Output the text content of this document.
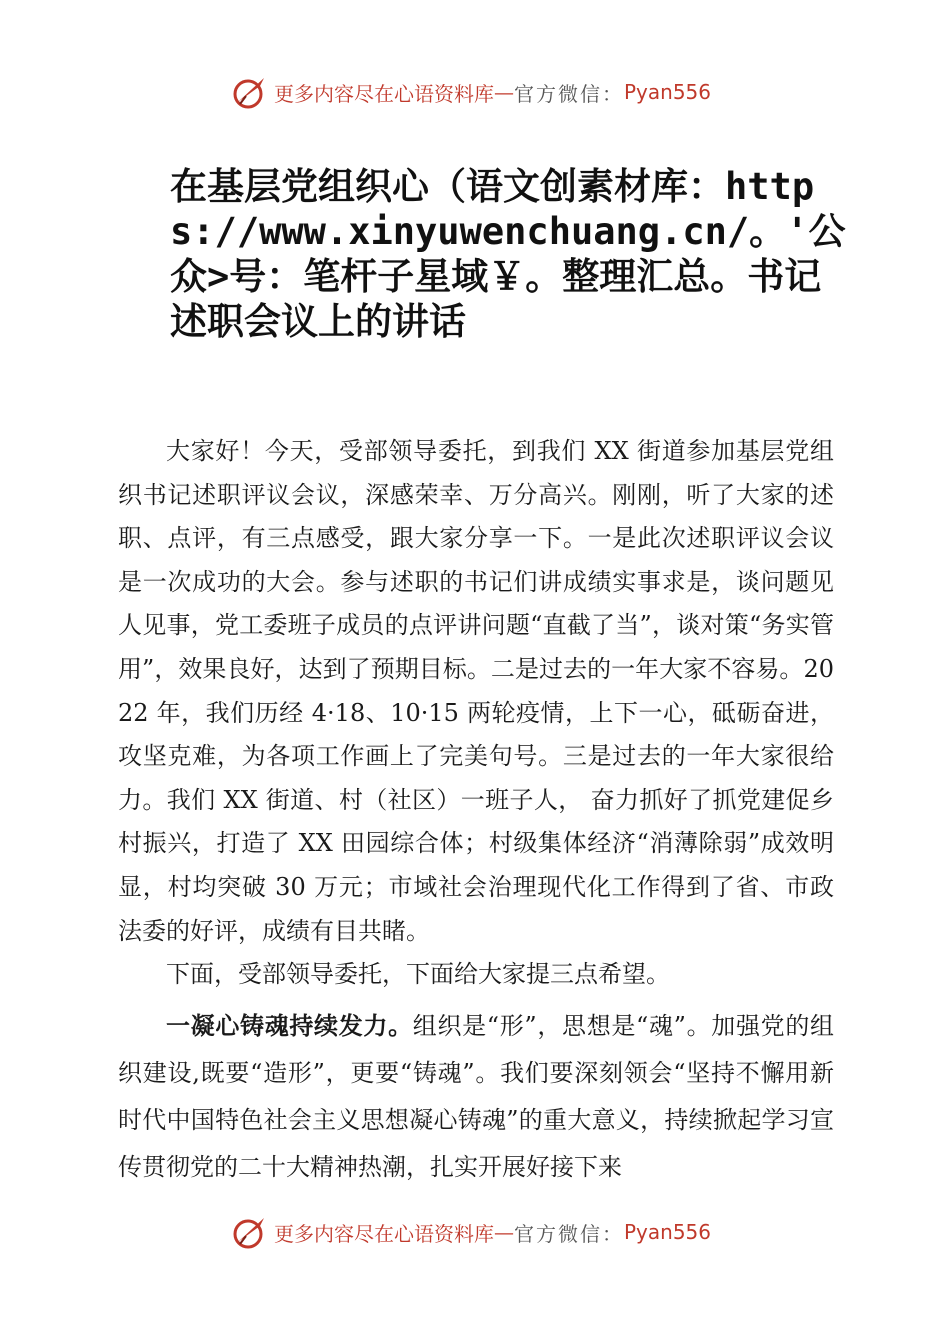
更多内容尽在心语资料库 — 官方微信： Pyan556
在基层党组织心（语文创素材库：https://www.xinyuwenchuang.cn/。'公众>号：笔杆子星域￥。整理汇总。书记述职会议上的讲话

大家好！今天，受部领导委托，到我们 XX 街道参加基层党组织书记述职评议会议，深感荣幸、万分高兴。刚刚，听了大家的述职、点评，有三点感受，跟大家分享一下。一是此次述职评议会议是一次成功的大会。参与述职的书记们讲成绩实事求是，谈问题见人见事，党工委班子成员的点评讲问题“直截了当”，谈对策“务实管用”，效果良好，达到了预期目标。二是过去的一年大家不容易。2022 年，我们历经 4·18、10·15 两轮疫情，上下一心，砥砺奋进，攻坚克难，为各项工作画上了完美句号。三是过去的一年大家很给力。我们 XX 街道、村（社区）一班子人， 奋力抓好了抓党建促乡村振兴，打造了 XX 田园综合体；村级集体经济“消薄除弱”成效明显，村均突破 30 万元；市域社会治理现代化工作得到了省、市政法委的好评，成绩有目共睹。

下面，受部领导委托，下面给大家提三点希望。

一凝心铸魂持续发力。组织是“形”，思想是“魂”。加强党的组织建设,既要“造形”，更要“铸魂”。我们要深刻领会“坚持不懈用新时代中国特色社会主义思想凝心铸魂”的重大意义，持续掀起学习宣传贯彻党的二十大精神热潮，扎实开展好接下来

更多内容尽在心语资料库 — 官方微信： Pyan556
